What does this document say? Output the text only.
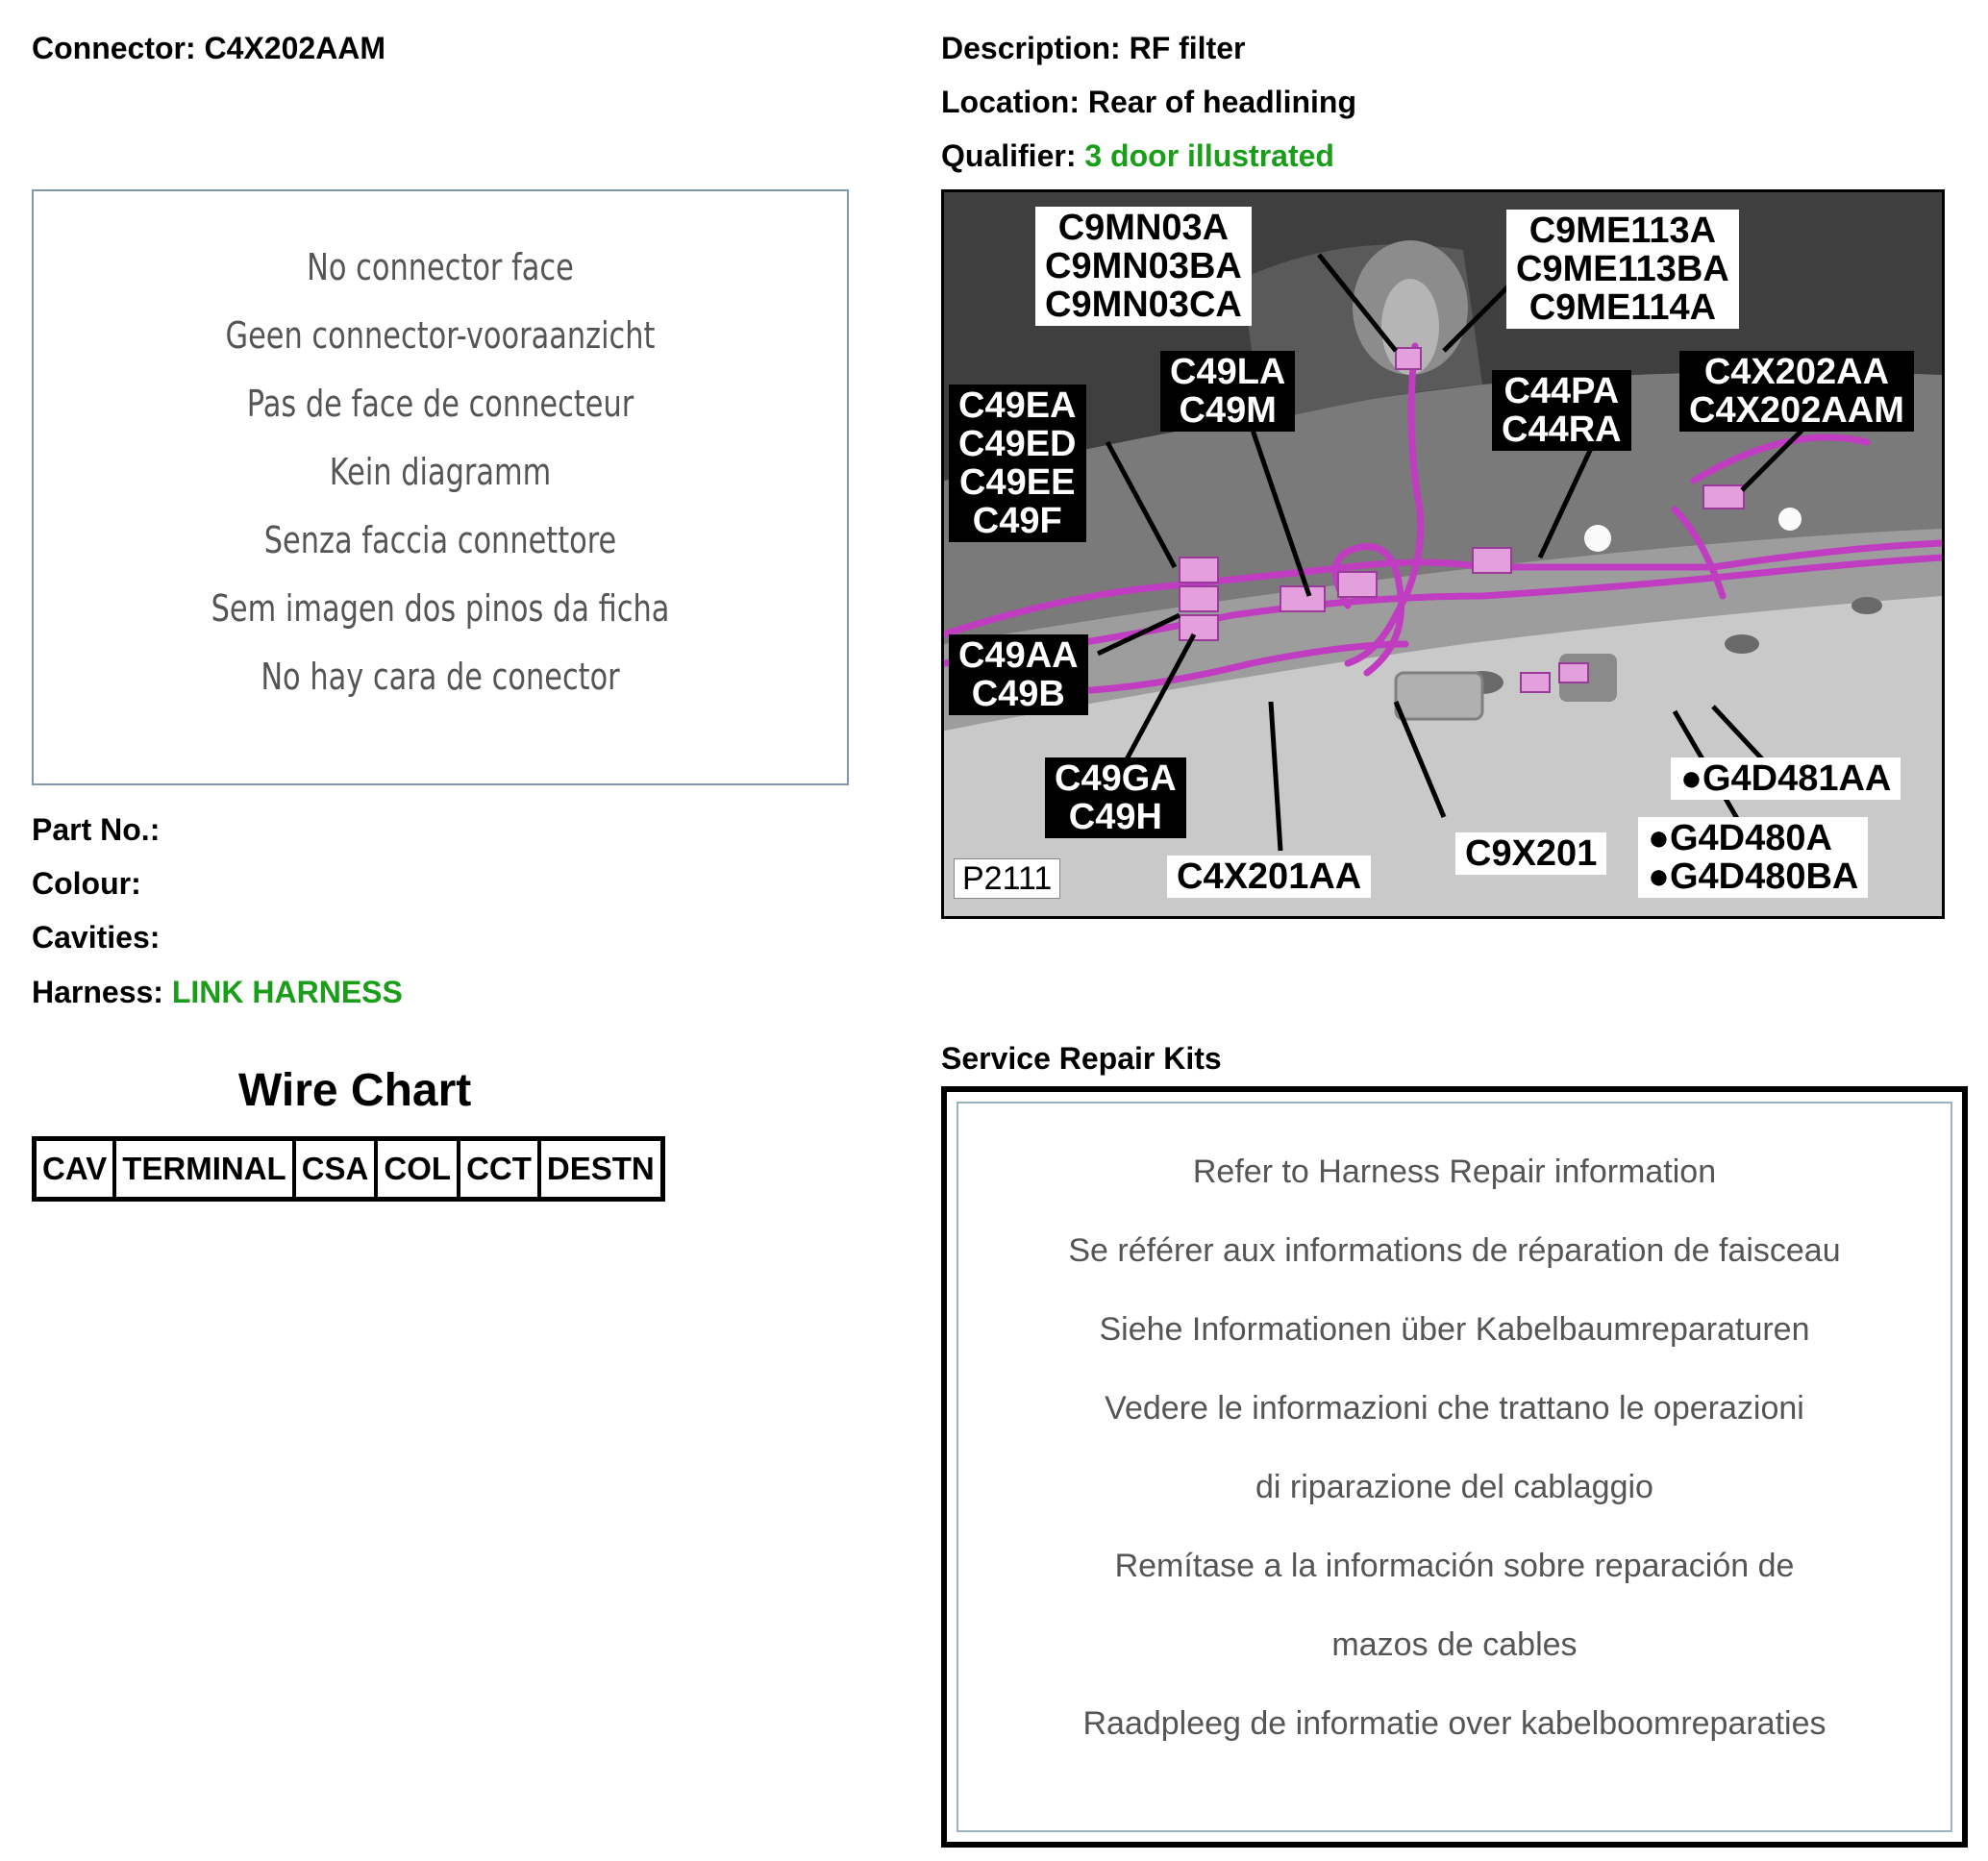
Connector: C4X202AAM	Description: RF filter
Location: Rear of headlining
Qualifier: 3 door illustrated
No connector face
Geen connector-vooraanzicht
Pas de face de connecteur
Kein diagramm
Senza faccia connettore
Sem imagen dos pinos da ficha
No hay cara de conector
Part No.:
Colour:
Cavities:
Harness: LINK HARNESS
Wire Chart
CAV	TERMINAL	CSA	COL	CCT	DESTN
C9MN03A
C9MN03BA
C9MN03CA
C9ME113A
C9ME113BA
C9ME114A
C49LA
C49M
C49EA
C49ED
C49EE
C49F
C44PA
C44RA
C4X202AA
C4X202AAM
C49AA
C49B
C49GA
C49H
●G4D481AA
●G4D480A
●G4D480BA
C9X201
C4X201AA
P2111
Service Repair Kits
Refer to Harness Repair information
Se référer aux informations de réparation de faisceau
Siehe Informationen über Kabelbaumreparaturen
Vedere le informazioni che trattano le operazioni
di riparazione del cablaggio
Remítase a la información sobre reparación de
mazos de cables
Raadpleeg de informatie over kabelboomreparaties
